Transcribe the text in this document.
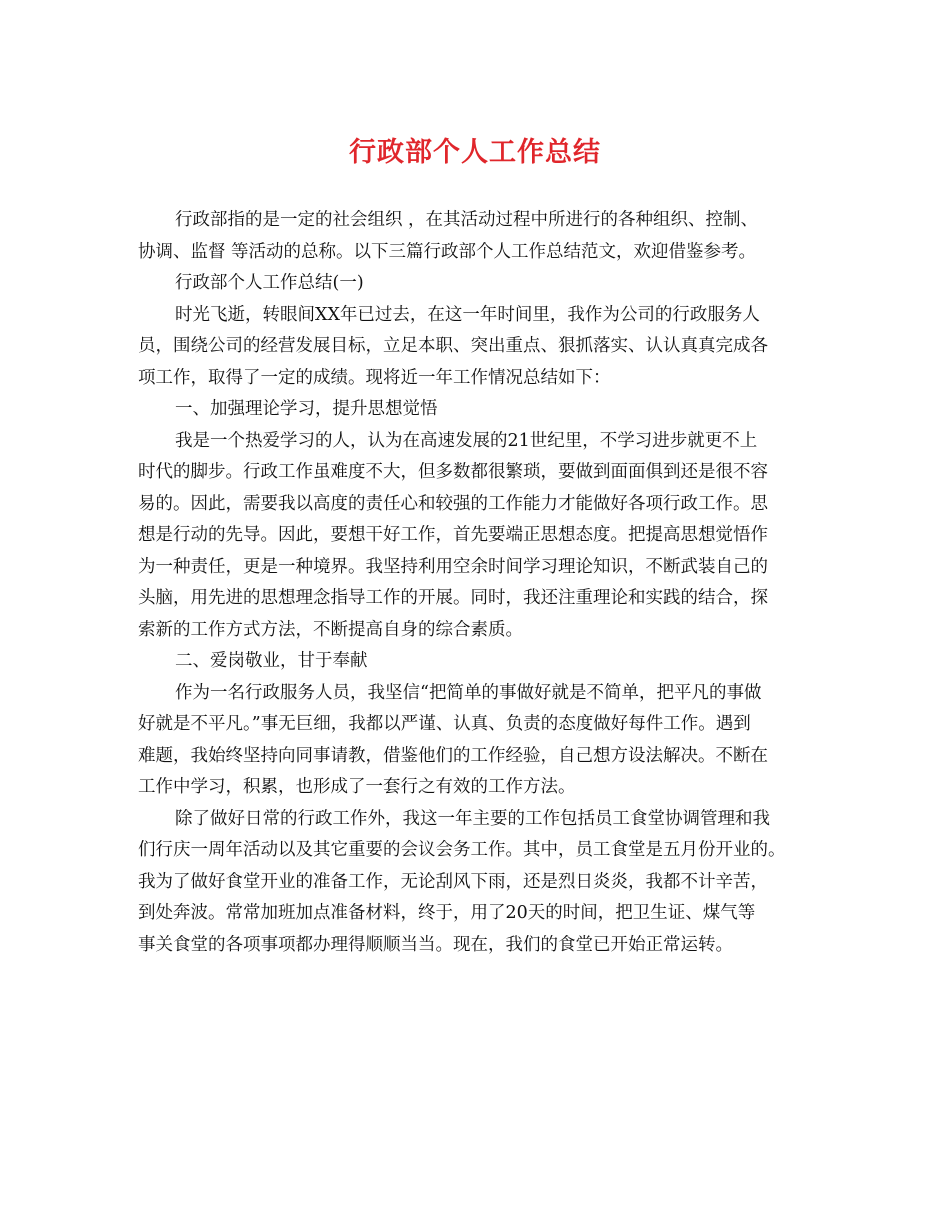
行政部个人工作总结
行政部指的是一定的社会组织 ，在其活动过程中所进行的各种组织、控制、
协调、监督 等活动的总称。以下三篇行政部个人工作总结范文，欢迎借鉴参考。
行政部个人工作总结(一)
时光飞逝，转眼间XX年已过去，在这一年时间里，我作为公司的行政服务人
员，围绕公司的经营发展目标，立足本职、突出重点、狠抓落实、认认真真完成各
项工作，取得了一定的成绩。现将近一年工作情况总结如下：
一、加强理论学习，提升思想觉悟
我是一个热爱学习的人，认为在高速发展的21世纪里，不学习进步就更不上
时代的脚步。行政工作虽难度不大，但多数都很繁琐，要做到面面俱到还是很不容
易的。因此，需要我以高度的责任心和较强的工作能力才能做好各项行政工作。思
想是行动的先导。因此，要想干好工作，首先要端正思想态度。把提高思想觉悟作
为一种责任，更是一种境界。我坚持利用空余时间学习理论知识，不断武装自己的
头脑，用先进的思想理念指导工作的开展。同时，我还注重理论和实践的结合，探
索新的工作方式方法，不断提高自身的综合素质。
二、爱岗敬业，甘于奉献
作为一名行政服务人员，我坚信“把简单的事做好就是不简单，把平凡的事做
好就是不平凡。”事无巨细，我都以严谨、认真、负责的态度做好每件工作。遇到
难题，我始终坚持向同事请教，借鉴他们的工作经验，自己想方设法解决。不断在
工作中学习，积累，也形成了一套行之有效的工作方法。
除了做好日常的行政工作外，我这一年主要的工作包括员工食堂协调管理和我
们行庆一周年活动以及其它重要的会议会务工作。其中，员工食堂是五月份开业的。
我为了做好食堂开业的准备工作，无论刮风下雨，还是烈日炎炎，我都不计辛苦，
到处奔波。常常加班加点准备材料，终于，用了20天的时间，把卫生证、煤气等
事关食堂的各项事项都办理得顺顺当当。现在，我们的食堂已开始正常运转。
